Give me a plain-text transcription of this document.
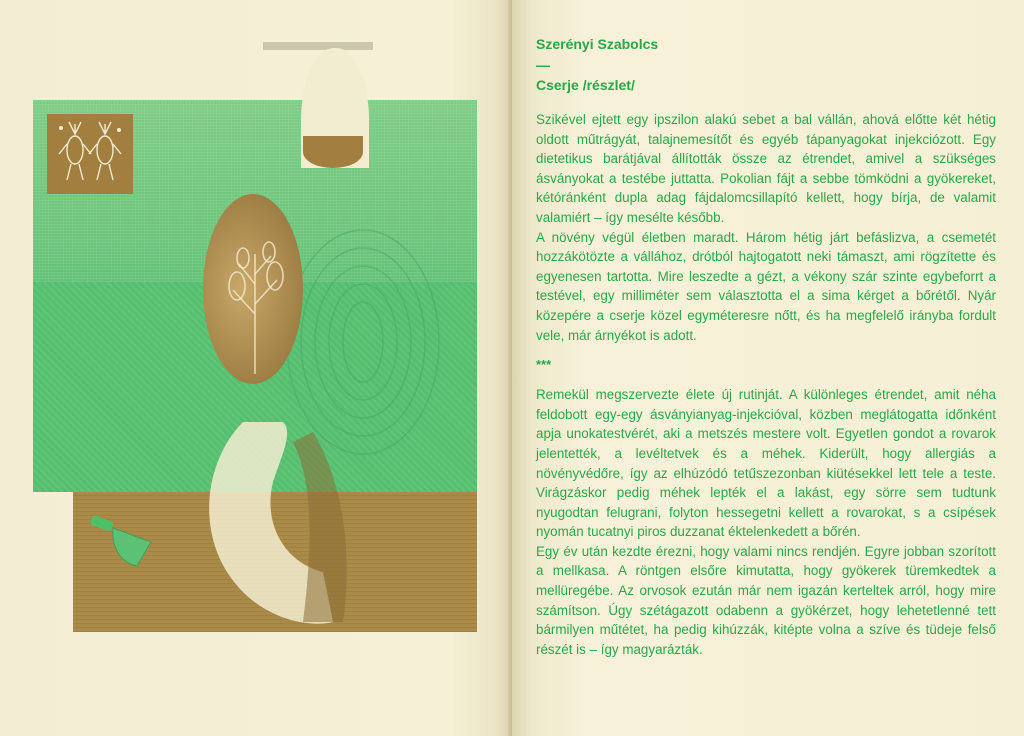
Szerényi Szabolcs
—
Cserje /részlet/

Szikével ejtett egy ipszilon alakú sebet a bal vállán, ahová előtte két hétig oldott műtrágyát, talajnemesítőt és egyéb tápanyagokat injekciózott. Egy dietetikus barátjával állították össze az étrendet, amivel a szükséges ásványokat a testébe juttatta. Pokolian fájt a sebbe tömködni a gyökereket, kétóránként dupla adag fájdalomcsillapító kellett, hogy bírja, de valamit valamiért – így mesélte később.

A növény végül életben maradt. Három hétig járt befáslizva, a csemetét hozzákötözte a vállához, drótból hajtogatott neki támaszt, ami rögzítette és egyenesen tartotta. Mire leszedte a gézt, a vékony szár szinte egybeforrt a testével, egy milliméter sem választotta el a sima kérget a bőrétől. Nyár közepére a cserje közel egyméteresre nőtt, és ha megfelelő irányba fordult vele, már árnyékot is adott.

***

Remekül megszervezte élete új rutinját. A különleges étrendet, amit néha feldobott egy-egy ásványianyag-injekcióval, közben meglátogatta időnként apja unokatestvérét, aki a metszés mestere volt. Egyetlen gondot a rovarok jelentették, a levéltetvek és a méhek. Kiderült, hogy allergiás a növényvédőre, így az elhúzódó tetűszezonban kiütésekkel lett tele a teste. Virágzáskor pedig méhek lepték el a lakást, egy sörre sem tudtunk nyugodtan felugrani, folyton hessegetni kellett a rovarokat, s a csípések nyomán tucatnyi piros duzzanat éktelenkedett a bőrén.

Egy év után kezdte érezni, hogy valami nincs rendjén. Egyre jobban szorított a mellkasa. A röntgen elsőre kimutatta, hogy gyökerek türemkedtek a mellüregébe. Az orvosok ezután már nem igazán kerteltek arról, hogy mire számítson. Úgy szétágazott odabenn a gyökérzet, hogy lehetetlenné tett bármilyen műtétet, ha pedig kihúzzák, kitépte volna a szíve és tüdeje felső részét is – így magyarázták.
